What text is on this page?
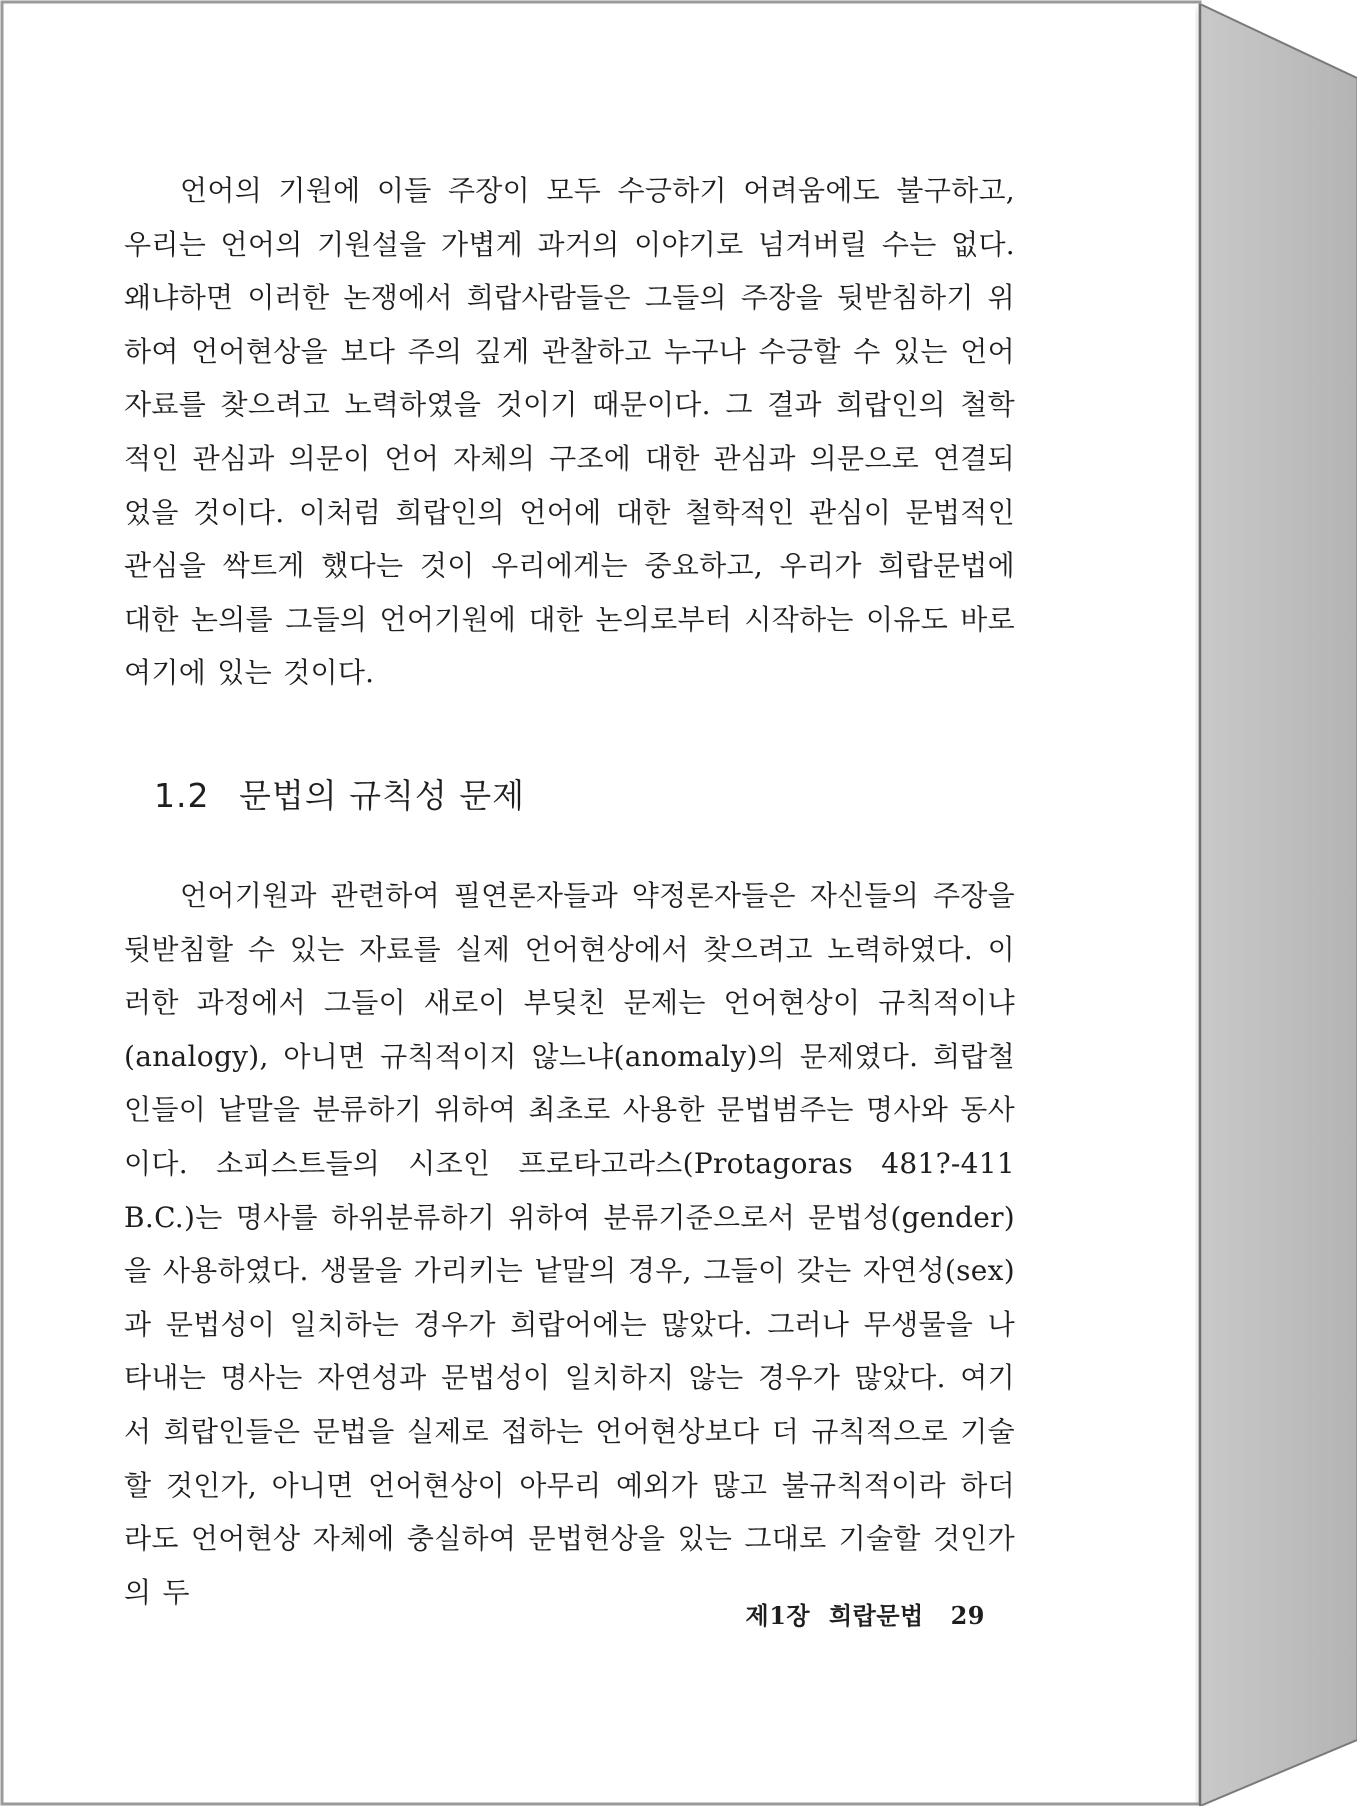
언어의 기원에 이들 주장이 모두 수긍하기 어려움에도 불구하고, 우리는 언어의 기원설을 가볍게 과거의 이야기로 넘겨버릴 수는 없다. 왜냐하면 이러한 논쟁에서 희랍사람들은 그들의 주장을 뒷받침하기 위하여 언어현상을 보다 주의 깊게 관찰하고 누구나 수긍할 수 있는 언어자료를 찾으려고 노력하였을 것이기 때문이다. 그 결과 희랍인의 철학적인 관심과 의문이 언어 자체의 구조에 대한 관심과 의문으로 연결되었을 것이다. 이처럼 희랍인의 언어에 대한 철학적인 관심이 문법적인 관심을 싹트게 했다는 것이 우리에게는 중요하고, 우리가 희랍문법에 대한 논의를 그들의 언어기원에 대한 논의로부터 시작하는 이유도 바로 여기에 있는 것이다.

1.2 문법의 규칙성 문제

언어기원과 관련하여 필연론자들과 약정론자들은 자신들의 주장을 뒷받침할 수 있는 자료를 실제 언어현상에서 찾으려고 노력하였다. 이러한 과정에서 그들이 새로이 부딪친 문제는 언어현상이 규칙적이냐(analogy), 아니면 규칙적이지 않느냐(anomaly)의 문제였다. 희랍철인들이 낱말을 분류하기 위하여 최초로 사용한 문법범주는 명사와 동사이다. 소피스트들의 시조인 프로타고라스(Protagoras 481?-411 B.C.)는 명사를 하위분류하기 위하여 분류기준으로서 문법성(gender)을 사용하였다. 생물을 가리키는 낱말의 경우, 그들이 갖는 자연성(sex)과 문법성이 일치하는 경우가 희랍어에는 많았다. 그러나 무생물을 나타내는 명사는 자연성과 문법성이 일치하지 않는 경우가 많았다. 여기서 희랍인들은 문법을 실제로 접하는 언어현상보다 더 규칙적으로 기술할 것인가, 아니면 언어현상이 아무리 예외가 많고 불규칙적이라 하더라도 언어현상 자체에 충실하여 문법현상을 있는 그대로 기술할 것인가의 두

제1장 희랍문법 29
